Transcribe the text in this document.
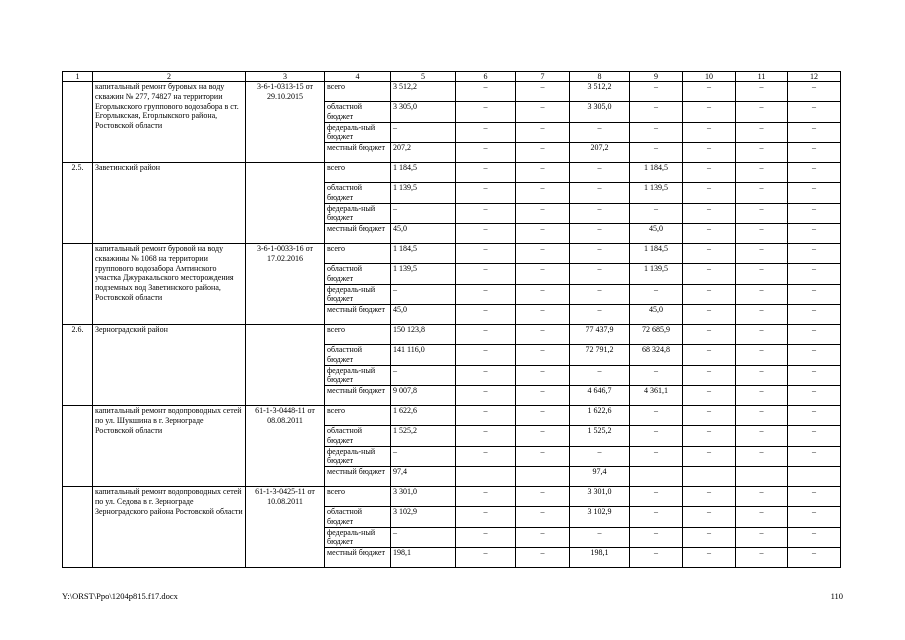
1	2	3	4	5	6	7	8	9	10	11	12
	капитальный ремонт буровых на воду скважин № 277, 74827 на территории Егорлыкского группового водозабора в ст. Егорлыкская, Егорлыкского района, Ростовской области	3-6-1-0313-15 от 29.10.2015	всего	3 512,2	–	–	3 512,2	–	–	–	–
			областной бюджет	3 305,0	–	–	3 305,0	–	–	–	–
			федераль-ный бюджет	–	–	–	–	–	–	–	–
			местный бюджет	207,2	–	–	207,2	–	–	–	–
2.5.	Заветинский район		всего	1 184,5	–	–	–	1 184,5	–	–	–
			областной бюджет	1 139,5	–	–	–	1 139,5	–	–	–
			федераль-ный бюджет	–	–	–	–	–	–	–	–
			местный бюджет	45,0	–	–	–	45,0	–	–	–
	капитальный ремонт буровой на воду скважины № 1068 на территории группового водозабора Амтинского участка Джуракальского месторождения подземных вод Заветинского района, Ростовской области	3-6-1-0033-16 от 17.02.2016	всего	1 184,5	–	–	–	1 184,5	–	–	–
			областной бюджет	1 139,5	–	–	–	1 139,5	–	–	–
			федераль-ный бюджет	–	–	–	–	–	–	–	–
			местный бюджет	45,0	–	–	–	45,0	–	–	–
2.6.	Зерноградский район		всего	150 123,8	–	–	77 437,9	72 685,9	–	–	–
			областной бюджет	141 116,0	–	–	72 791,2	68 324,8	–	–	–
			федераль-ный бюджет	–	–	–	–	–	–	–	–
			местный бюджет	9 007,8	–	–	4 646,7	4 361,1	–	–	–
	капитальный ремонт водопроводных сетей по ул. Шукшина в г. Зернограде Ростовской области	61-1-3-0448-11 от 08.08.2011	всего	1 622,6	–	–	1 622,6	–	–	–	–
			областной бюджет	1 525,2	–	–	1 525,2	–	–	–	–
			федераль-ный бюджет	–	–	–	–	–	–	–	–
			местный бюджет	97,4			97,4				
	капитальный ремонт водопроводных сетей по ул. Седова в г. Зернограде Зерноградского района Ростовской области	61-1-3-0425-11 от 10.08.2011	всего	3 301,0	–	–	3 301,0	–	–	–	–
			областной бюджет	3 102,9	–	–	3 102,9	–	–	–	–
			федераль-ный бюджет	–	–	–	–	–	–	–	–
			местный бюджет	198,1	–	–	198,1	–	–	–	–
Y:\ORST\Ppo\1204p815.f17.docx	110
